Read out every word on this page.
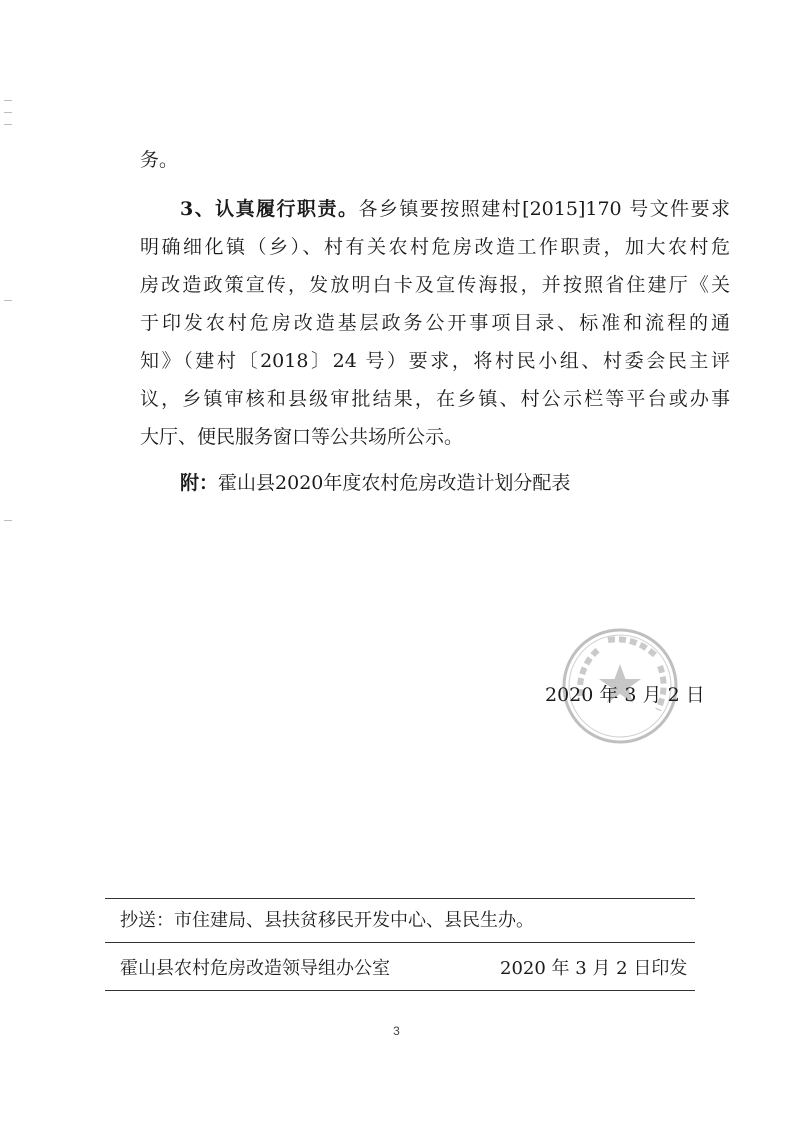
务。
3、认真履行职责。各乡镇要按照建村[2015]170 号文件要求
明确细化镇（乡）、村有关农村危房改造工作职责，加大农村危
房改造政策宣传，发放明白卡及宣传海报，并按照省住建厅《关
于印发农村危房改造基层政务公开事项目录、标准和流程的通
知》（建村〔2018〕24 号）要求，将村民小组、村委会民主评
议，乡镇审核和县级审批结果，在乡镇、村公示栏等平台或办事
大厅、便民服务窗口等公共场所公示。
附：霍山县2020年度农村危房改造计划分配表
2020 年 3 月 2 日
抄送：市住建局、县扶贫移民开发中心、县民生办。
霍山县农村危房改造领导组办公室	2020 年 3 月 2 日印发
3
